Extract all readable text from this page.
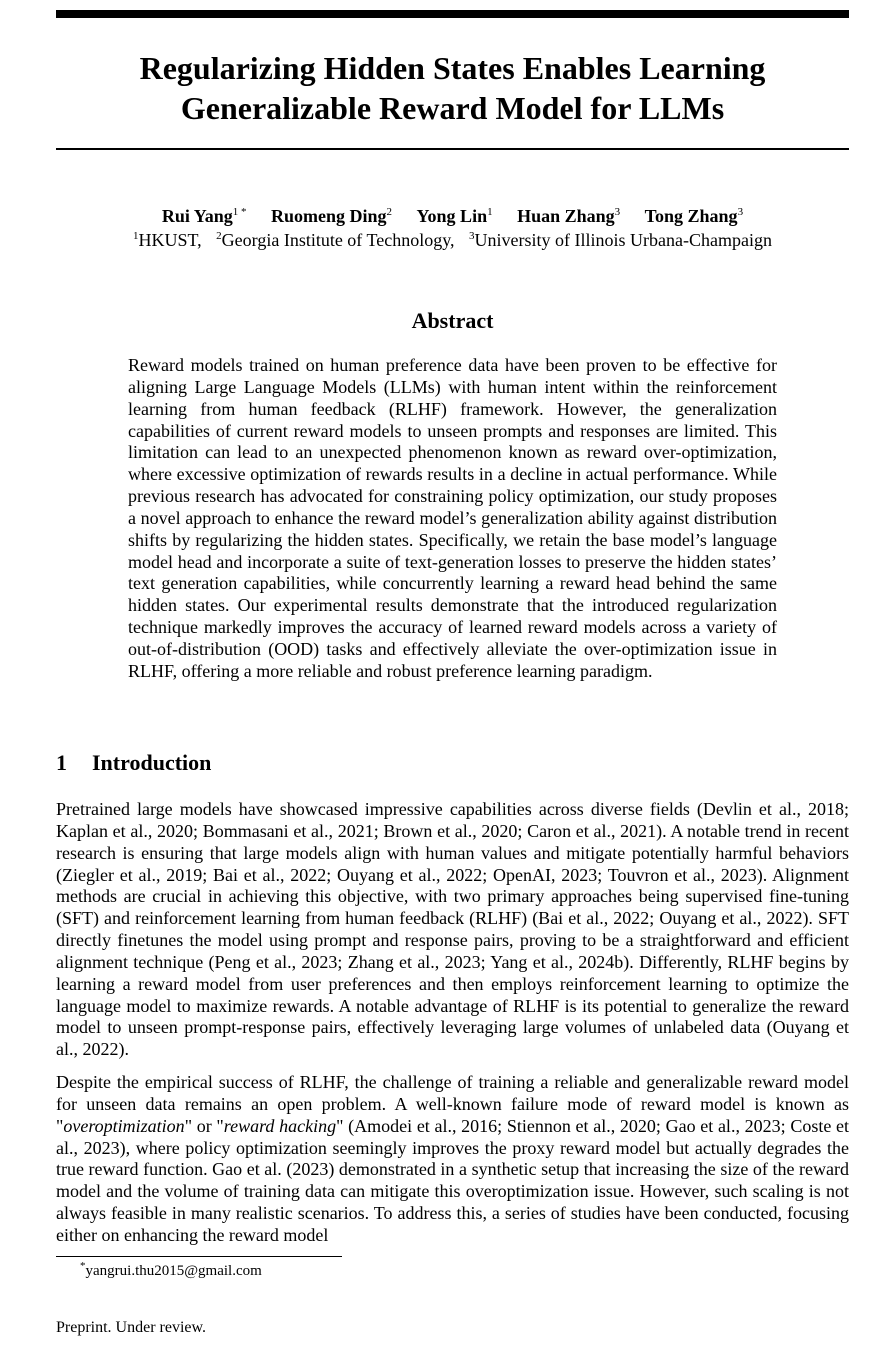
Regularizing Hidden States Enables Learning
Generalizable Reward Model for LLMs
Rui Yang$^{1 *}$ Ruomeng Ding$^2$ Yong Lin$^1$ Huan Zhang$^3$ Tong Zhang$^3$
$^1$HKUST, $^2$Georgia Institute of Technology, $^3$University of Illinois Urbana-Champaign
Abstract

Reward models trained on human preference data have been proven to be effective for aligning Large Language Models (LLMs) with human intent within the reinforcement learning from human feedback (RLHF) framework. However, the generalization capabilities of current reward models to unseen prompts and responses are limited. This limitation can lead to an unexpected phenomenon known as reward over-optimization, where excessive optimization of rewards results in a decline in actual performance. While previous research has advocated for constraining policy optimization, our study proposes a novel approach to enhance the reward model’s generalization ability against distribution shifts by regularizing the hidden states. Specifically, we retain the base model’s language model head and incorporate a suite of text-generation losses to preserve the hidden states’ text generation capabilities, while concurrently learning a reward head behind the same hidden states. Our experimental results demonstrate that the introduced regularization technique markedly improves the accuracy of learned reward models across a variety of out-of-distribution (OOD) tasks and effectively alleviate the over-optimization issue in RLHF, offering a more reliable and robust preference learning paradigm.

1 Introduction

Pretrained large models have showcased impressive capabilities across diverse fields (Devlin et al., 2018; Kaplan et al., 2020; Bommasani et al., 2021; Brown et al., 2020; Caron et al., 2021). A notable trend in recent research is ensuring that large models align with human values and mitigate potentially harmful behaviors (Ziegler et al., 2019; Bai et al., 2022; Ouyang et al., 2022; OpenAI, 2023; Touvron et al., 2023). Alignment methods are crucial in achieving this objective, with two primary approaches being supervised fine-tuning (SFT) and reinforcement learning from human feedback (RLHF) (Bai et al., 2022; Ouyang et al., 2022). SFT directly finetunes the model using prompt and response pairs, proving to be a straightforward and efficient alignment technique (Peng et al., 2023; Zhang et al., 2023; Yang et al., 2024b). Differently, RLHF begins by learning a reward model from user preferences and then employs reinforcement learning to optimize the language model to maximize rewards. A notable advantage of RLHF is its potential to generalize the reward model to unseen prompt-response pairs, effectively leveraging large volumes of unlabeled data (Ouyang et al., 2022).

Despite the empirical success of RLHF, the challenge of training a reliable and generalizable reward model for unseen data remains an open problem. A well-known failure mode of reward model is known as "overoptimization" or "reward hacking" (Amodei et al., 2016; Stiennon et al., 2020; Gao et al., 2023; Coste et al., 2023), where policy optimization seemingly improves the proxy reward model but actually degrades the true reward function. Gao et al. (2023) demonstrated in a synthetic setup that increasing the size of the reward model and the volume of training data can mitigate this overoptimization issue. However, such scaling is not always feasible in many realistic scenarios. To address this, a series of studies have been conducted, focusing either on enhancing the reward model

*yangrui.thu2015@gmail.com
Preprint. Under review.
